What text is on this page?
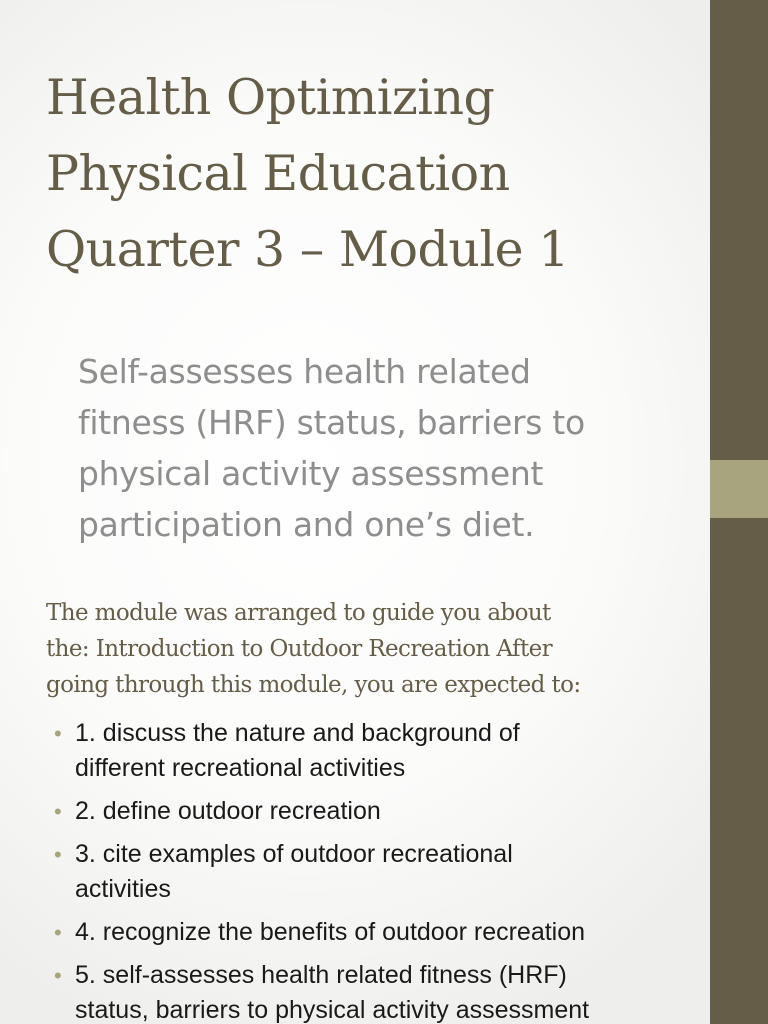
Health Optimizing
Physical Education
Quarter 3 – Module 1

Self-assesses health related
fitness (HRF) status, barriers to
physical activity assessment
participation and one’s diet.

The module was arranged to guide you about
the: Introduction to Outdoor Recreation After
going through this module, you are expected to:

• 1. discuss the nature and background of
different recreational activities
• 2. define outdoor recreation
• 3. cite examples of outdoor recreational
activities
• 4. recognize the benefits of outdoor recreation
• 5. self-assesses health related fitness (HRF)
status, barriers to physical activity assessment
